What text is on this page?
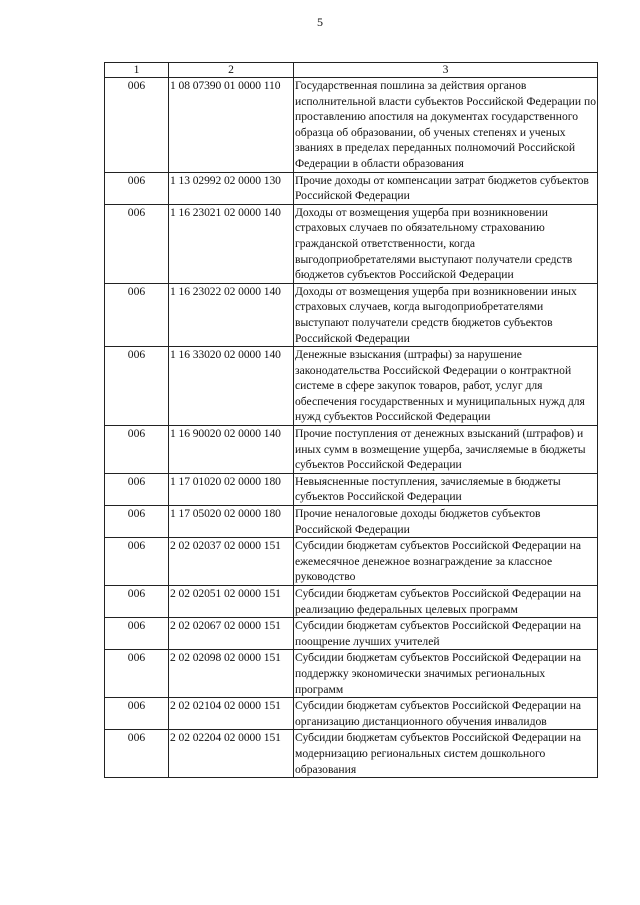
5
1	2	3
006	1 08 07390 01 0000 110	Государственная пошлина за действия органов исполнительной власти субъектов Российской Федерации по проставлению апостиля на документах государственного образца об образовании, об ученых степенях и ученых званиях в пределах переданных полномочий Российской Федерации в области образования
006	1 13 02992 02 0000 130	Прочие доходы от компенсации затрат бюджетов субъектов Российской Федерации
006	1 16 23021 02 0000 140	Доходы от возмещения ущерба при возникновении страховых случаев по обязательному страхованию гражданской ответственности, когда выгодоприобретателями выступают получатели средств бюджетов субъектов Российской Федерации
006	1 16 23022 02 0000 140	Доходы от возмещения ущерба при возникновении иных страховых случаев, когда выгодоприобретателями выступают получатели средств бюджетов субъектов Российской Федерации
006	1 16 33020 02 0000 140	Денежные взыскания (штрафы) за нарушение законодательства Российской Федерации о контрактной системе в сфере закупок товаров, работ, услуг для обеспечения государственных и муниципальных нужд для нужд субъектов Российской Федерации
006	1 16 90020 02 0000 140	Прочие поступления от денежных взысканий (штрафов) и иных сумм в возмещение ущерба, зачисляемые в бюджеты субъектов Российской Федерации
006	1 17 01020 02 0000 180	Невыясненные поступления, зачисляемые в бюджеты субъектов Российской Федерации
006	1 17 05020 02 0000 180	Прочие неналоговые доходы бюджетов субъектов Российской Федерации
006	2 02 02037 02 0000 151	Субсидии бюджетам субъектов Российской Федерации на ежемесячное денежное вознаграждение за классное руководство
006	2 02 02051 02 0000 151	Субсидии бюджетам субъектов Российской Федерации на реализацию федеральных целевых программ
006	2 02 02067 02 0000 151	Субсидии бюджетам субъектов Российской Федерации на поощрение лучших учителей
006	2 02 02098 02 0000 151	Субсидии бюджетам субъектов Российской Федерации на поддержку экономически значимых региональных программ
006	2 02 02104 02 0000 151	Субсидии бюджетам субъектов Российской Федерации на организацию дистанционного обучения инвалидов
006	2 02 02204 02 0000 151	Субсидии бюджетам субъектов Российской Федерации на модернизацию региональных систем дошкольного образования
